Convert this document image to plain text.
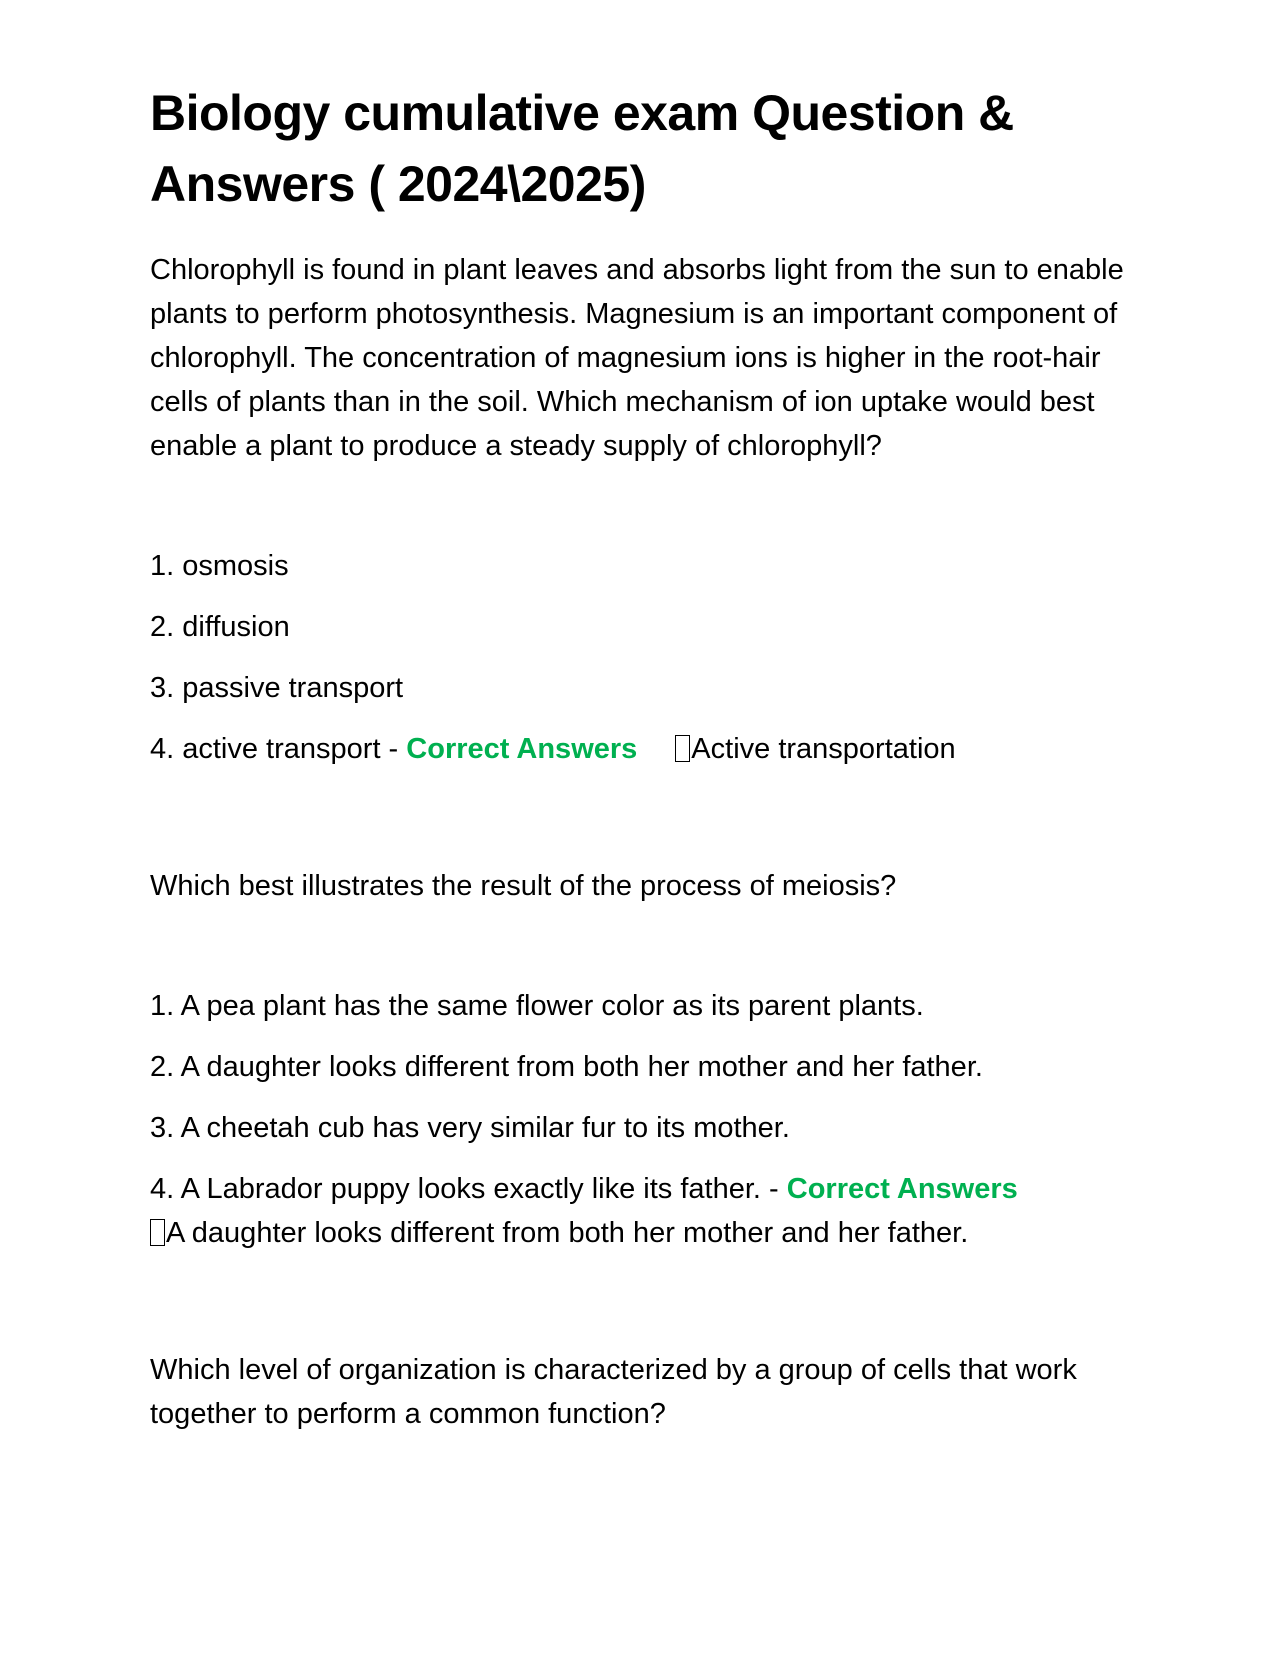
Biology cumulative exam Question & Answers ( 2024\2025)

Chlorophyll is found in plant leaves and absorbs light from the sun to enable plants to perform photosynthesis. Magnesium is an important component of chlorophyll. The concentration of magnesium ions is higher in the root-hair cells of plants than in the soil. Which mechanism of ion uptake would best enable a plant to produce a steady supply of chlorophyll?

1. osmosis
2. diffusion
3. passive transport
4. active transport - Correct Answers Active transportation

Which best illustrates the result of the process of meiosis?

1. A pea plant has the same flower color as its parent plants.
2. A daughter looks different from both her mother and her father.
3. A cheetah cub has very similar fur to its mother.
4. A Labrador puppy looks exactly like its father. - Correct Answers
A daughter looks different from both her mother and her father.

Which level of organization is characterized by a group of cells that work together to perform a common function?
